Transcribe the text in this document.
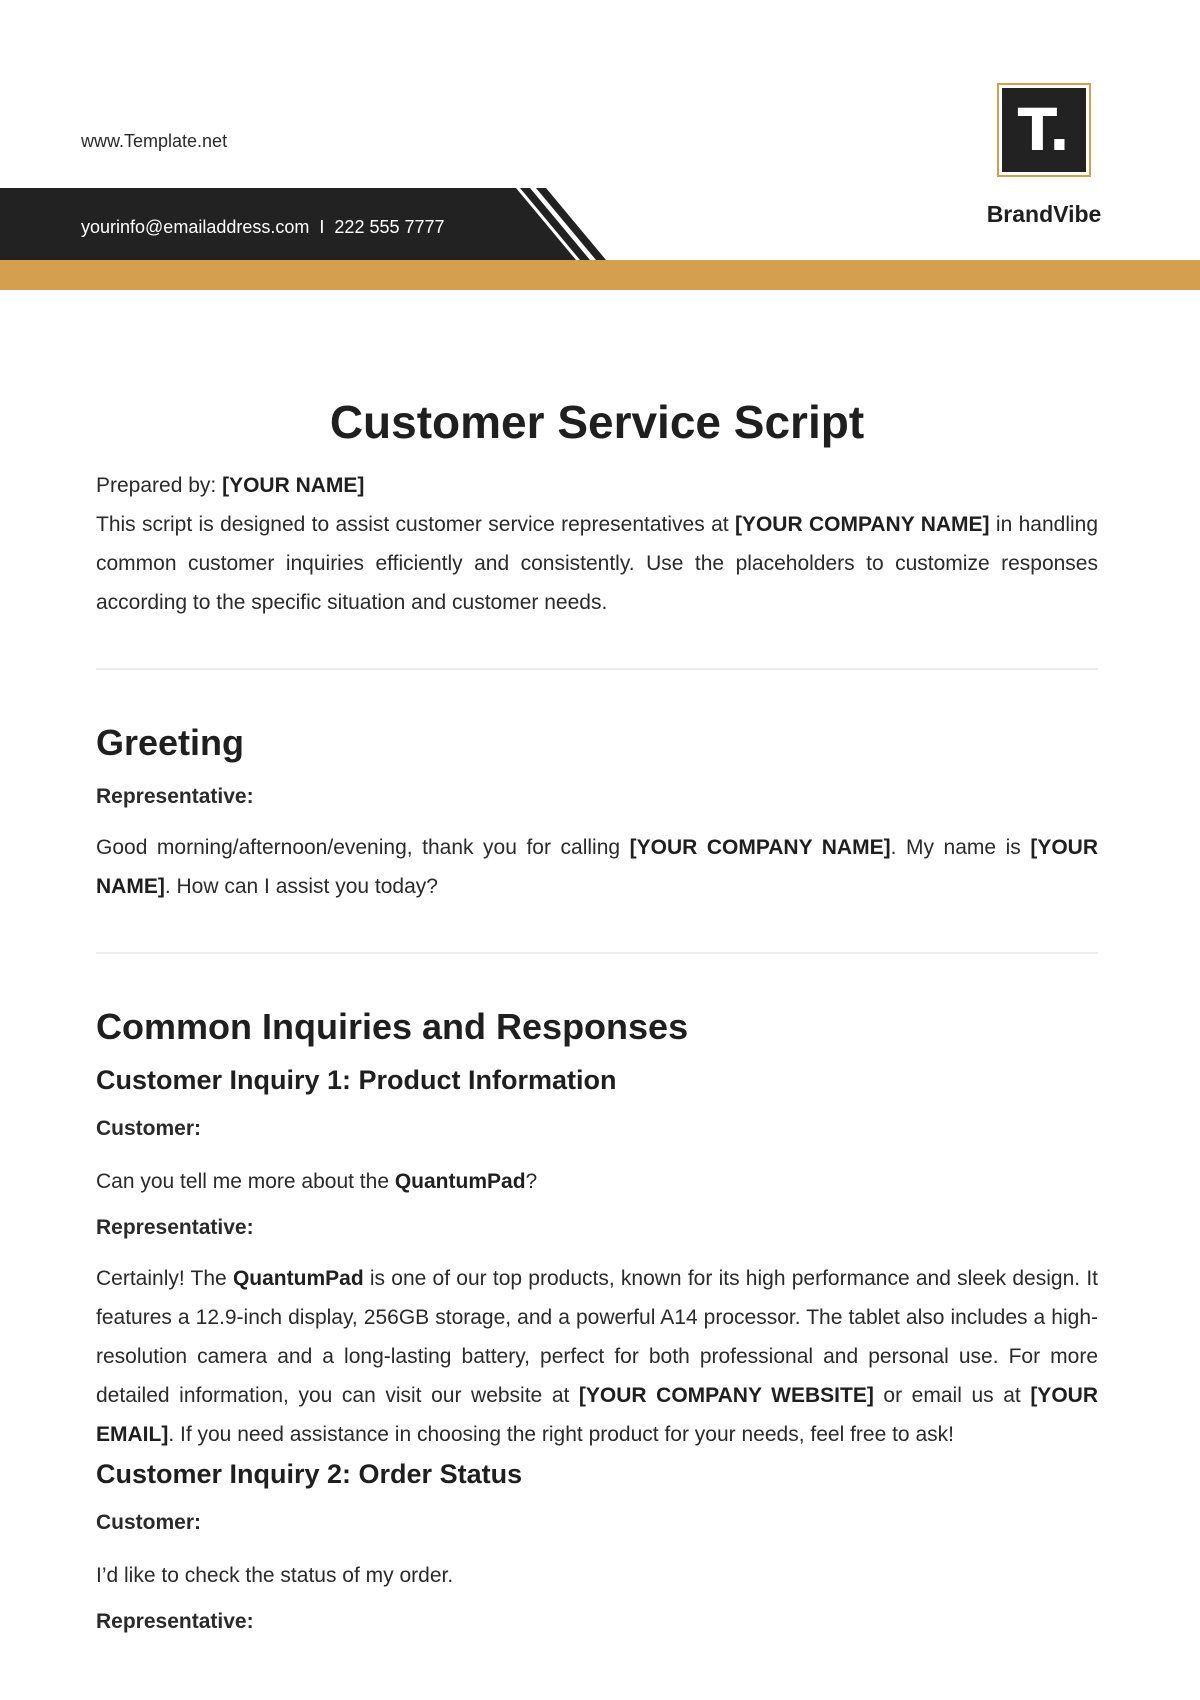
www.Template.net
yourinfo@emailaddress.com I 222 555 7777
T.
BrandVibe
Customer Service Script

Prepared by: [YOUR NAME]

This script is designed to assist customer service representatives at [YOUR COMPANY NAME] in handling common customer inquiries efficiently and consistently. Use the placeholders to customize responses according to the specific situation and customer needs.

Greeting
Representative:

Good morning/afternoon/evening, thank you for calling [YOUR COMPANY NAME]. My name is [YOUR NAME]. How can I assist you today?

Common Inquiries and Responses
Customer Inquiry 1: Product Information
Customer:

Can you tell me more about the QuantumPad?

Representative:

Certainly! The QuantumPad is one of our top products, known for its high performance and sleek design. It features a 12.9-inch display, 256GB storage, and a powerful A14 processor. The tablet also includes a high-resolution camera and a long-lasting battery, perfect for both professional and personal use. For more detailed information, you can visit our website at [YOUR COMPANY WEBSITE] or email us at [YOUR EMAIL]. If you need assistance in choosing the right product for your needs, feel free to ask!

Customer Inquiry 2: Order Status
Customer:

I’d like to check the status of my order.

Representative:
